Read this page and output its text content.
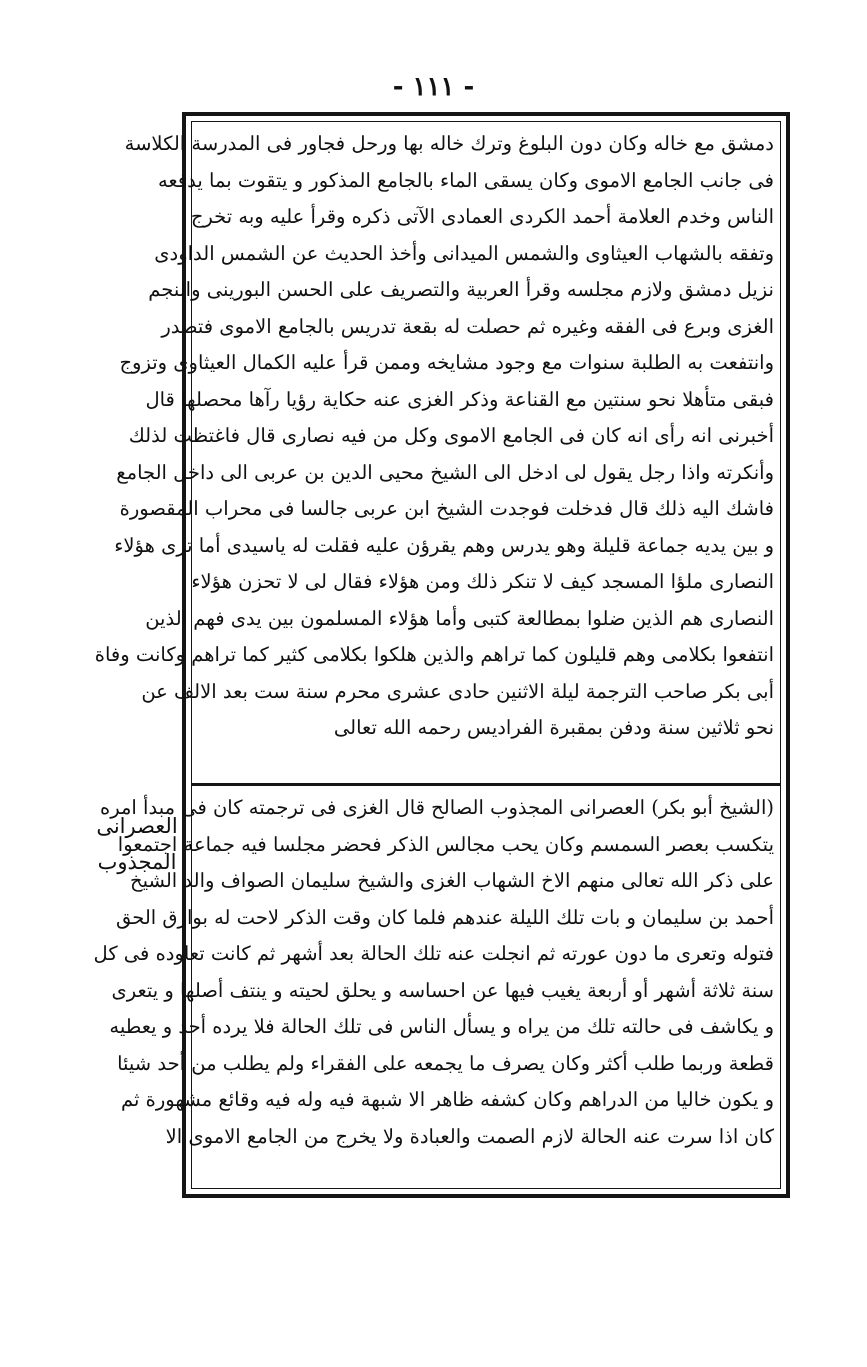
- ١١١ -
دمشق مع خاله وكان دون البلوغ وترك خاله بها ورحل فجاور فى المدرسة الكلاسة
فى جانب الجامع الاموى وكان يسقى الماء بالجامع المذكور و يتقوت بما يدفعه
الناس وخدم العلامة أحمد الكردى العمادى الآتى ذكره وقرأ عليه وبه تخرج
وتفقه بالشهاب العيثاوى والشمس الميدانى وأخذ الحديث عن الشمس الداودى
نزيل دمشق ولازم مجلسه وقرأ العربية والتصريف على الحسن البورينى والنجم
الغزى وبرع فى الفقه وغيره ثم حصلت له بقعة تدريس بالجامع الاموى فتصدر
وانتفعت به الطلبة سنوات مع وجود مشايخه وممن قرأ عليه الكمال العيثاوى وتزوج
فبقى متأهلا نحو سنتين مع القناعة وذكر الغزى عنه حكاية رؤيا رآها محصلها قال
أخبرنى انه رأى انه كان فى الجامع الاموى وكل من فيه نصارى قال فاغتظت لذلك
وأنكرته واذا رجل يقول لى ادخل الى الشيخ محيى الدين بن عربى الى داخل الجامع
فاشك اليه ذلك قال فدخلت فوجدت الشيخ ابن عربى جالسا فى محراب المقصورة
و بين يديه جماعة قليلة وهو يدرس وهم يقرؤن عليه فقلت له ياسيدى أما ترى هؤلاء
النصارى ملؤا المسجد كيف لا تنكر ذلك ومن هؤلاء فقال لى لا تحزن هؤلاء
النصارى هم الذين ضلوا بمطالعة كتبى وأما هؤلاء المسلمون بين يدى فهم الذين
انتفعوا بكلامى وهم قليلون كما تراهم والذين هلكوا بكلامى كثير كما تراهم وكانت وفاة
أبى بكر صاحب الترجمة ليلة الاثنين حادى عشرى محرم سنة ست بعد الالف عن
نحو ثلاثين سنة ودفن بمقبرة الفراديس رحمه الله تعالى
(الشيخ أبو بكر) العصرانى المجذوب الصالح قال الغزى فى ترجمته كان فى مبدأ امره
يتكسب بعصر السمسم وكان يحب مجالس الذكر فحضر مجلسا فيه جماعة اجتمعوا
على ذكر الله تعالى منهم الاخ الشهاب الغزى والشيخ سليمان الصواف والد الشيخ
أحمد بن سليمان و بات تلك الليلة عندهم فلما كان وقت الذكر لاحت له بوارق الحق
فتوله وتعرى ما دون عورته ثم انجلت عنه تلك الحالة بعد أشهر ثم كانت تعاوده فى كل
سنة ثلاثة أشهر أو أربعة يغيب فيها عن احساسه و يحلق لحيته و ينتف أصلها و يتعرى
و يكاشف فى حالته تلك من يراه و يسأل الناس فى تلك الحالة فلا يرده أحد و يعطيه
قطعة وربما طلب أكثر وكان يصرف ما يجمعه على الفقراء ولم يطلب من أحد شيئا
و يكون خاليا من الدراهم وكان كشفه ظاهر الا شبهة فيه وله فيه وقائع مشهورة ثم
كان اذا سرت عنه الحالة لازم الصمت والعبادة ولا يخرج من الجامع الاموى الا
العصرانى
المجذوب
